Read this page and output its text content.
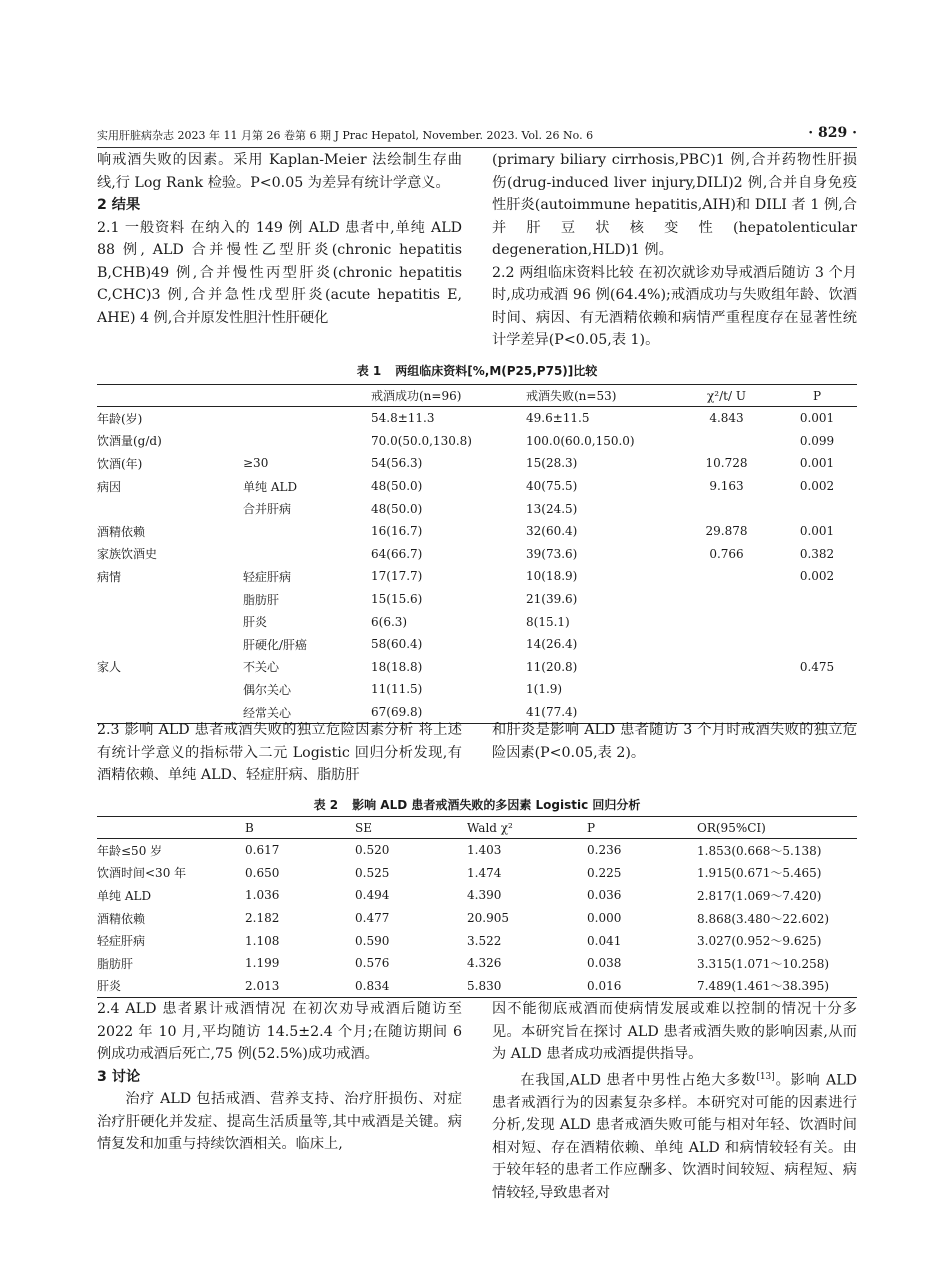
实用肝脏病杂志 2023 年 11 月第 26 卷第 6 期 J Prac Hepatol, November. 2023. Vol. 26 No. 6	· 829 ·

响戒酒失败的因素。采用 Kaplan-Meier 法绘制生存曲线,行 Log Rank 检验。P<0.05 为差异有统计学意义。

2 结果

2.1 一般资料 在纳入的 149 例 ALD 患者中,单纯 ALD 88 例, ALD 合并慢性乙型肝炎(chronic hepatitis B,CHB)49 例,合并慢性丙型肝炎(chronic hepatitis C,CHC)3 例,合并急性戊型肝炎(acute hepatitis E, AHE) 4 例,合并原发性胆汁性肝硬化

(primary biliary cirrhosis,PBC)1 例,合并药物性肝损伤(drug-induced liver injury,DILI)2 例,合并自身免疫性肝炎(autoimmune hepatitis,AIH)和 DILI 者 1 例,合并肝豆状核变性(hepatolenticular degeneration,HLD)1 例。

2.2 两组临床资料比较 在初次就诊劝导戒酒后随访 3 个月时,成功戒酒 96 例(64.4%);戒酒成功与失败组年龄、饮酒时间、病因、有无酒精依赖和病情严重程度存在显著性统计学差异(P<0.05,表 1)。

表 1 两组临床资料[%,M(P25,P75)]比较
		戒酒成功(n=96)	戒酒失败(n=53)	χ²/t/ U	P
年龄(岁)		54.8±11.3	49.6±11.5	4.843	0.001
饮酒量(g/d)		70.0(50.0,130.8)	100.0(60.0,150.0)		0.099
饮酒(年)	≥30	54(56.3)	15(28.3)	10.728	0.001
病因	单纯 ALD	48(50.0)	40(75.5)	9.163	0.002
	合并肝病	48(50.0)	13(24.5)		
酒精依赖		16(16.7)	32(60.4)	29.878	0.001
家族饮酒史		64(66.7)	39(73.6)	0.766	0.382
病情	轻症肝病	17(17.7)	10(18.9)		0.002
	脂肪肝	15(15.6)	21(39.6)		
	肝炎	6(6.3)	8(15.1)		
	肝硬化/肝癌	58(60.4)	14(26.4)		
家人	不关心	18(18.8)	11(20.8)		0.475
	偶尔关心	11(11.5)	1(1.9)		
	经常关心	67(69.8)	41(77.4)		

2.3 影响 ALD 患者戒酒失败的独立危险因素分析 将上述有统计学意义的指标带入二元 Logistic 回归分析发现,有酒精依赖、单纯 ALD、轻症肝病、脂肪肝

和肝炎是影响 ALD 患者随访 3 个月时戒酒失败的独立危险因素(P<0.05,表 2)。

表 2 影响 ALD 患者戒酒失败的多因素 Logistic 回归分析
	B	SE	Wald χ²	P	OR(95%CI)
年龄≤50 岁	0.617	0.520	1.403	0.236	1.853(0.668～5.138)
饮酒时间<30 年	0.650	0.525	1.474	0.225	1.915(0.671～5.465)
单纯 ALD	1.036	0.494	4.390	0.036	2.817(1.069～7.420)
酒精依赖	2.182	0.477	20.905	0.000	8.868(3.480～22.602)
轻症肝病	1.108	0.590	3.522	0.041	3.027(0.952～9.625)
脂肪肝	1.199	0.576	4.326	0.038	3.315(1.071～10.258)
肝炎	2.013	0.834	5.830	0.016	7.489(1.461～38.395)

2.4 ALD 患者累计戒酒情况 在初次劝导戒酒后随访至 2022 年 10 月,平均随访 14.5±2.4 个月;在随访期间 6 例成功戒酒后死亡,75 例(52.5%)成功戒酒。

3 讨论

治疗 ALD 包括戒酒、营养支持、治疗肝损伤、对症治疗肝硬化并发症、提高生活质量等,其中戒酒是关键。病情复发和加重与持续饮酒相关。临床上,

因不能彻底戒酒而使病情发展或难以控制的情况十分多见。本研究旨在探讨 ALD 患者戒酒失败的影响因素,从而为 ALD 患者成功戒酒提供指导。

在我国,ALD 患者中男性占绝大多数[13]。影响 ALD 患者戒酒行为的因素复杂多样。本研究对可能的因素进行分析,发现 ALD 患者戒酒失败可能与相对年轻、饮酒时间相对短、存在酒精依赖、单纯 ALD 和病情较轻有关。由于较年轻的患者工作应酬多、饮酒时间较短、病程短、病情较轻,导致患者对
